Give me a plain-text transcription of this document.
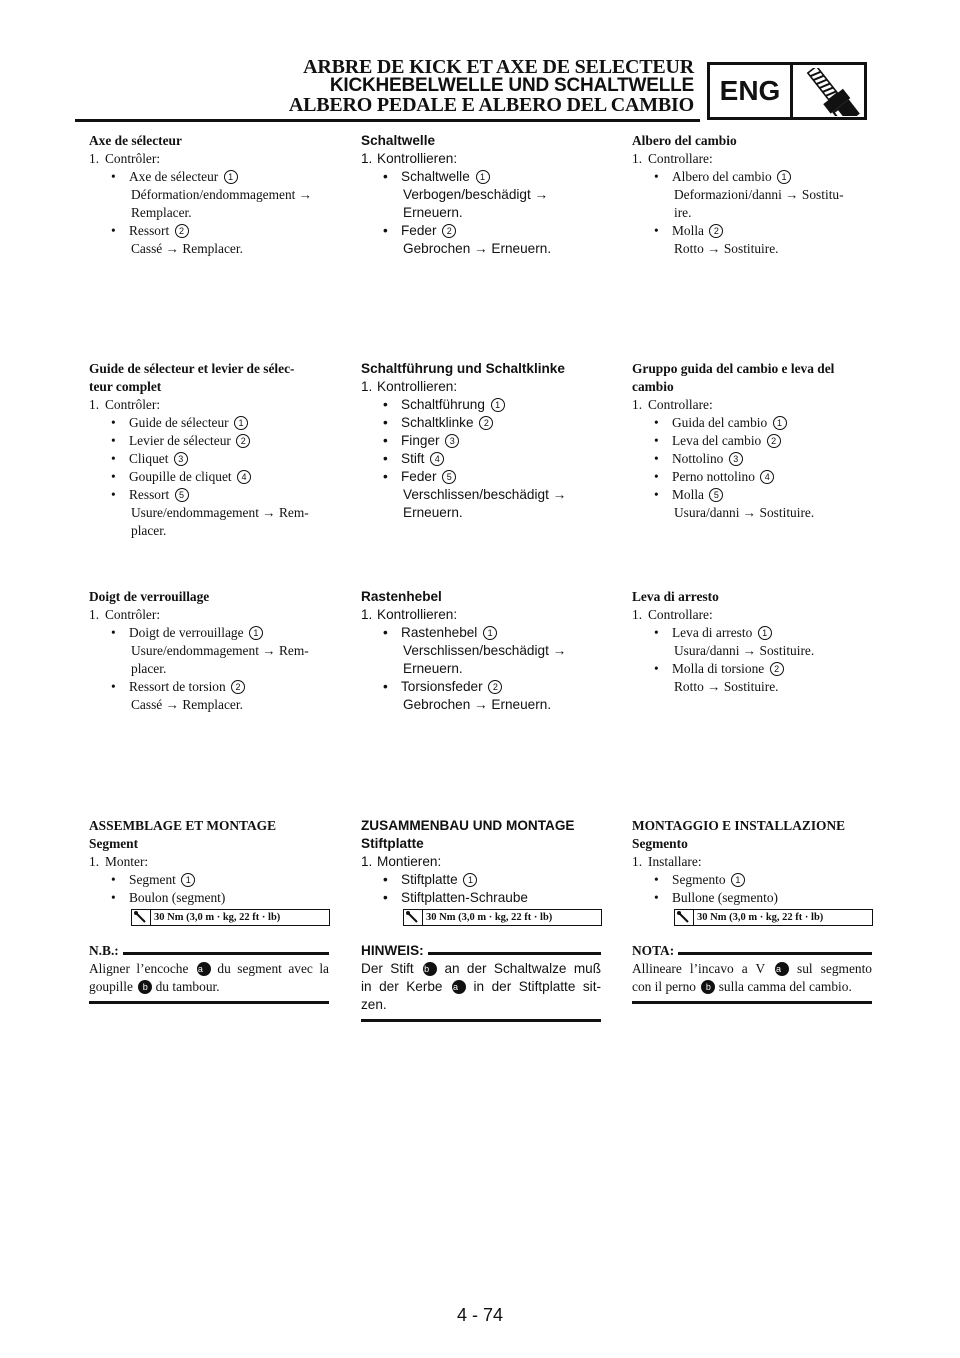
ARBRE DE KICK ET AXE DE SELECTEUR
KICKHEBELWELLE UND SCHALTWELLE
ALBERO PEDALE E ALBERO DEL CAMBIO ENG
Axe de sélecteur
1. Contrôler:
• Axe de sélecteur 1
Déformation/endommagement →
Remplacer.
• Ressort 2
Cassé → Remplacer.
Guide de sélecteur et levier de sélec-
teur complet
1. Contrôler:
• Guide de sélecteur 1
• Levier de sélecteur 2
• Cliquet 3
• Goupille de cliquet 4
• Ressort 5
Usure/endommagement → Rem-
placer.
Doigt de verrouillage
1. Contrôler:
• Doigt de verrouillage 1
Usure/endommagement → Rem-
placer.
• Ressort de torsion 2
Cassé → Remplacer.
ASSEMBLAGE ET MONTAGE
Segment
1. Monter:
• Segment 1
• Boulon (segment)
30 Nm (3,0 m · kg, 22 ft · lb)
N.B.:
Aligner l’encoche a du segment avec la
goupille b du tambour.
Schaltwelle
1. Kontrollieren:
• Schaltwelle 1
Verbogen/beschädigt →
Erneuern.
• Feder 2
Gebrochen → Erneuern.
Schaltführung und Schaltklinke
1. Kontrollieren:
• Schaltführung 1
• Schaltklinke 2
• Finger 3
• Stift 4
• Feder 5
Verschlissen/beschädigt →
Erneuern.
Rastenhebel
1. Kontrollieren:
• Rastenhebel 1
Verschlissen/beschädigt →
Erneuern.
• Torsionsfeder 2
Gebrochen → Erneuern.
ZUSAMMENBAU UND MONTAGE
Stiftplatte
1. Montieren:
• Stiftplatte 1
• Stiftplatten-Schraube
30 Nm (3,0 m · kg, 22 ft · lb)
HINWEIS:
Der Stift b an der Schaltwalze muß
in der Kerbe a in der Stiftplatte sit-
zen.
Albero del cambio
1. Controllare:
• Albero del cambio 1
Deformazioni/danni → Sostitu-
ire.
• Molla 2
Rotto → Sostituire.
Gruppo guida del cambio e leva del
cambio
1. Controllare:
• Guida del cambio 1
• Leva del cambio 2
• Nottolino 3
• Perno nottolino 4
• Molla 5
Usura/danni → Sostituire.
Leva di arresto
1. Controllare:
• Leva di arresto 1
Usura/danni → Sostituire.
• Molla di torsione 2
Rotto → Sostituire.
MONTAGGIO E INSTALLAZIONE
Segmento
1. Installare:
• Segmento 1
• Bullone (segmento)
30 Nm (3,0 m · kg, 22 ft · lb)
NOTA:
Allineare l’incavo a V a sul segmento
con il perno b sulla camma del cambio.
4 - 74
